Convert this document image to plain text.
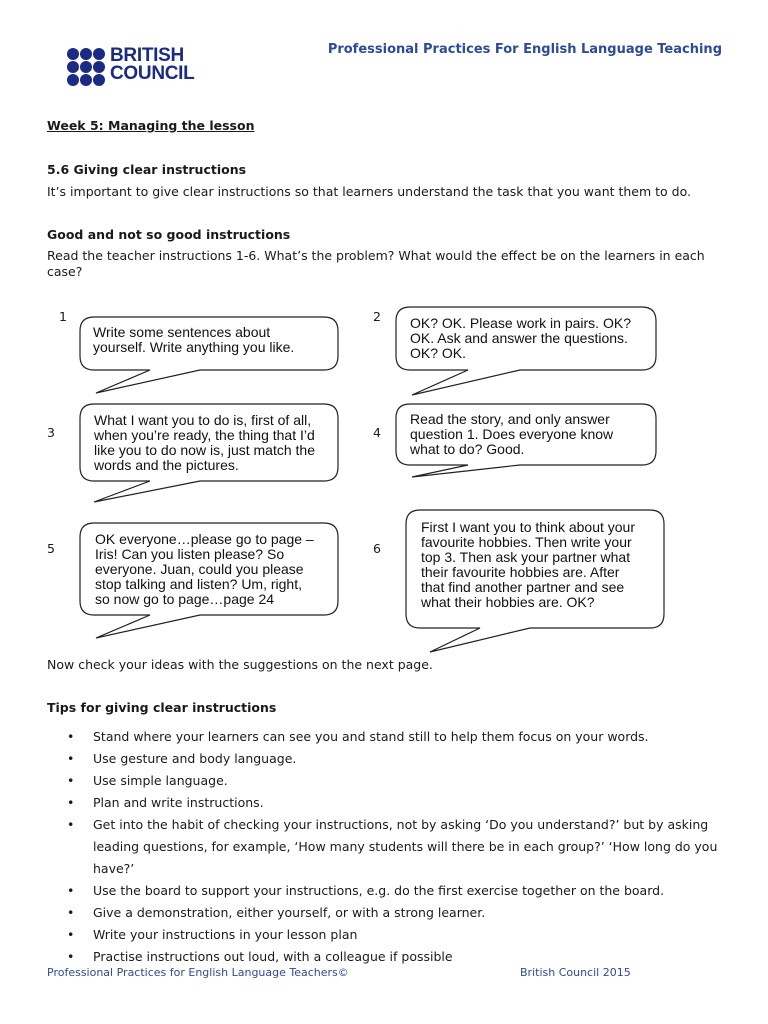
BRITISH
COUNCIL
Professional Practices For English Language Teaching
Week 5: Managing the lesson
5.6 Giving clear instructions
It’s important to give clear instructions so that learners understand the task that you want them to do.
Good and not so good instructions
Read the teacher instructions 1-6. What’s the problem? What would the effect be on the learners in each case?
1	2
3	4
5	6
Write some sentences about
yourself. Write anything you like.
OK? OK. Please work in pairs. OK?
OK. Ask and answer the questions.
OK? OK.
What I want you to do is, first of all,
when you’re ready, the thing that I’d
like you to do now is, just match the
words and the pictures.
Read the story, and only answer
question 1. Does everyone know
what to do? Good.
OK everyone…please go to page –
Iris! Can you listen please? So
everyone. Juan, could you please
stop talking and listen? Um, right,
so now go to page…page 24
First I want you to think about your
favourite hobbies. Then write your
top 3. Then ask your partner what
their favourite hobbies are. After
that find another partner and see
what their hobbies are. OK?
Now check your ideas with the suggestions on the next page.
Tips for giving clear instructions
• Stand where your learners can see you and stand still to help them focus on your words.
• Use gesture and body language.
• Use simple language.
• Plan and write instructions.
• Get into the habit of checking your instructions, not by asking ‘Do you understand?’ but by asking leading questions, for example, ‘How many students will there be in each group?’ ‘How long do you have?’
• Use the board to support your instructions, e.g. do the first exercise together on the board.
• Give a demonstration, either yourself, or with a strong learner.
• Write your instructions in your lesson plan
• Practise instructions out loud, with a colleague if possible
Professional Practices for English Language Teachers©	British Council 2015
